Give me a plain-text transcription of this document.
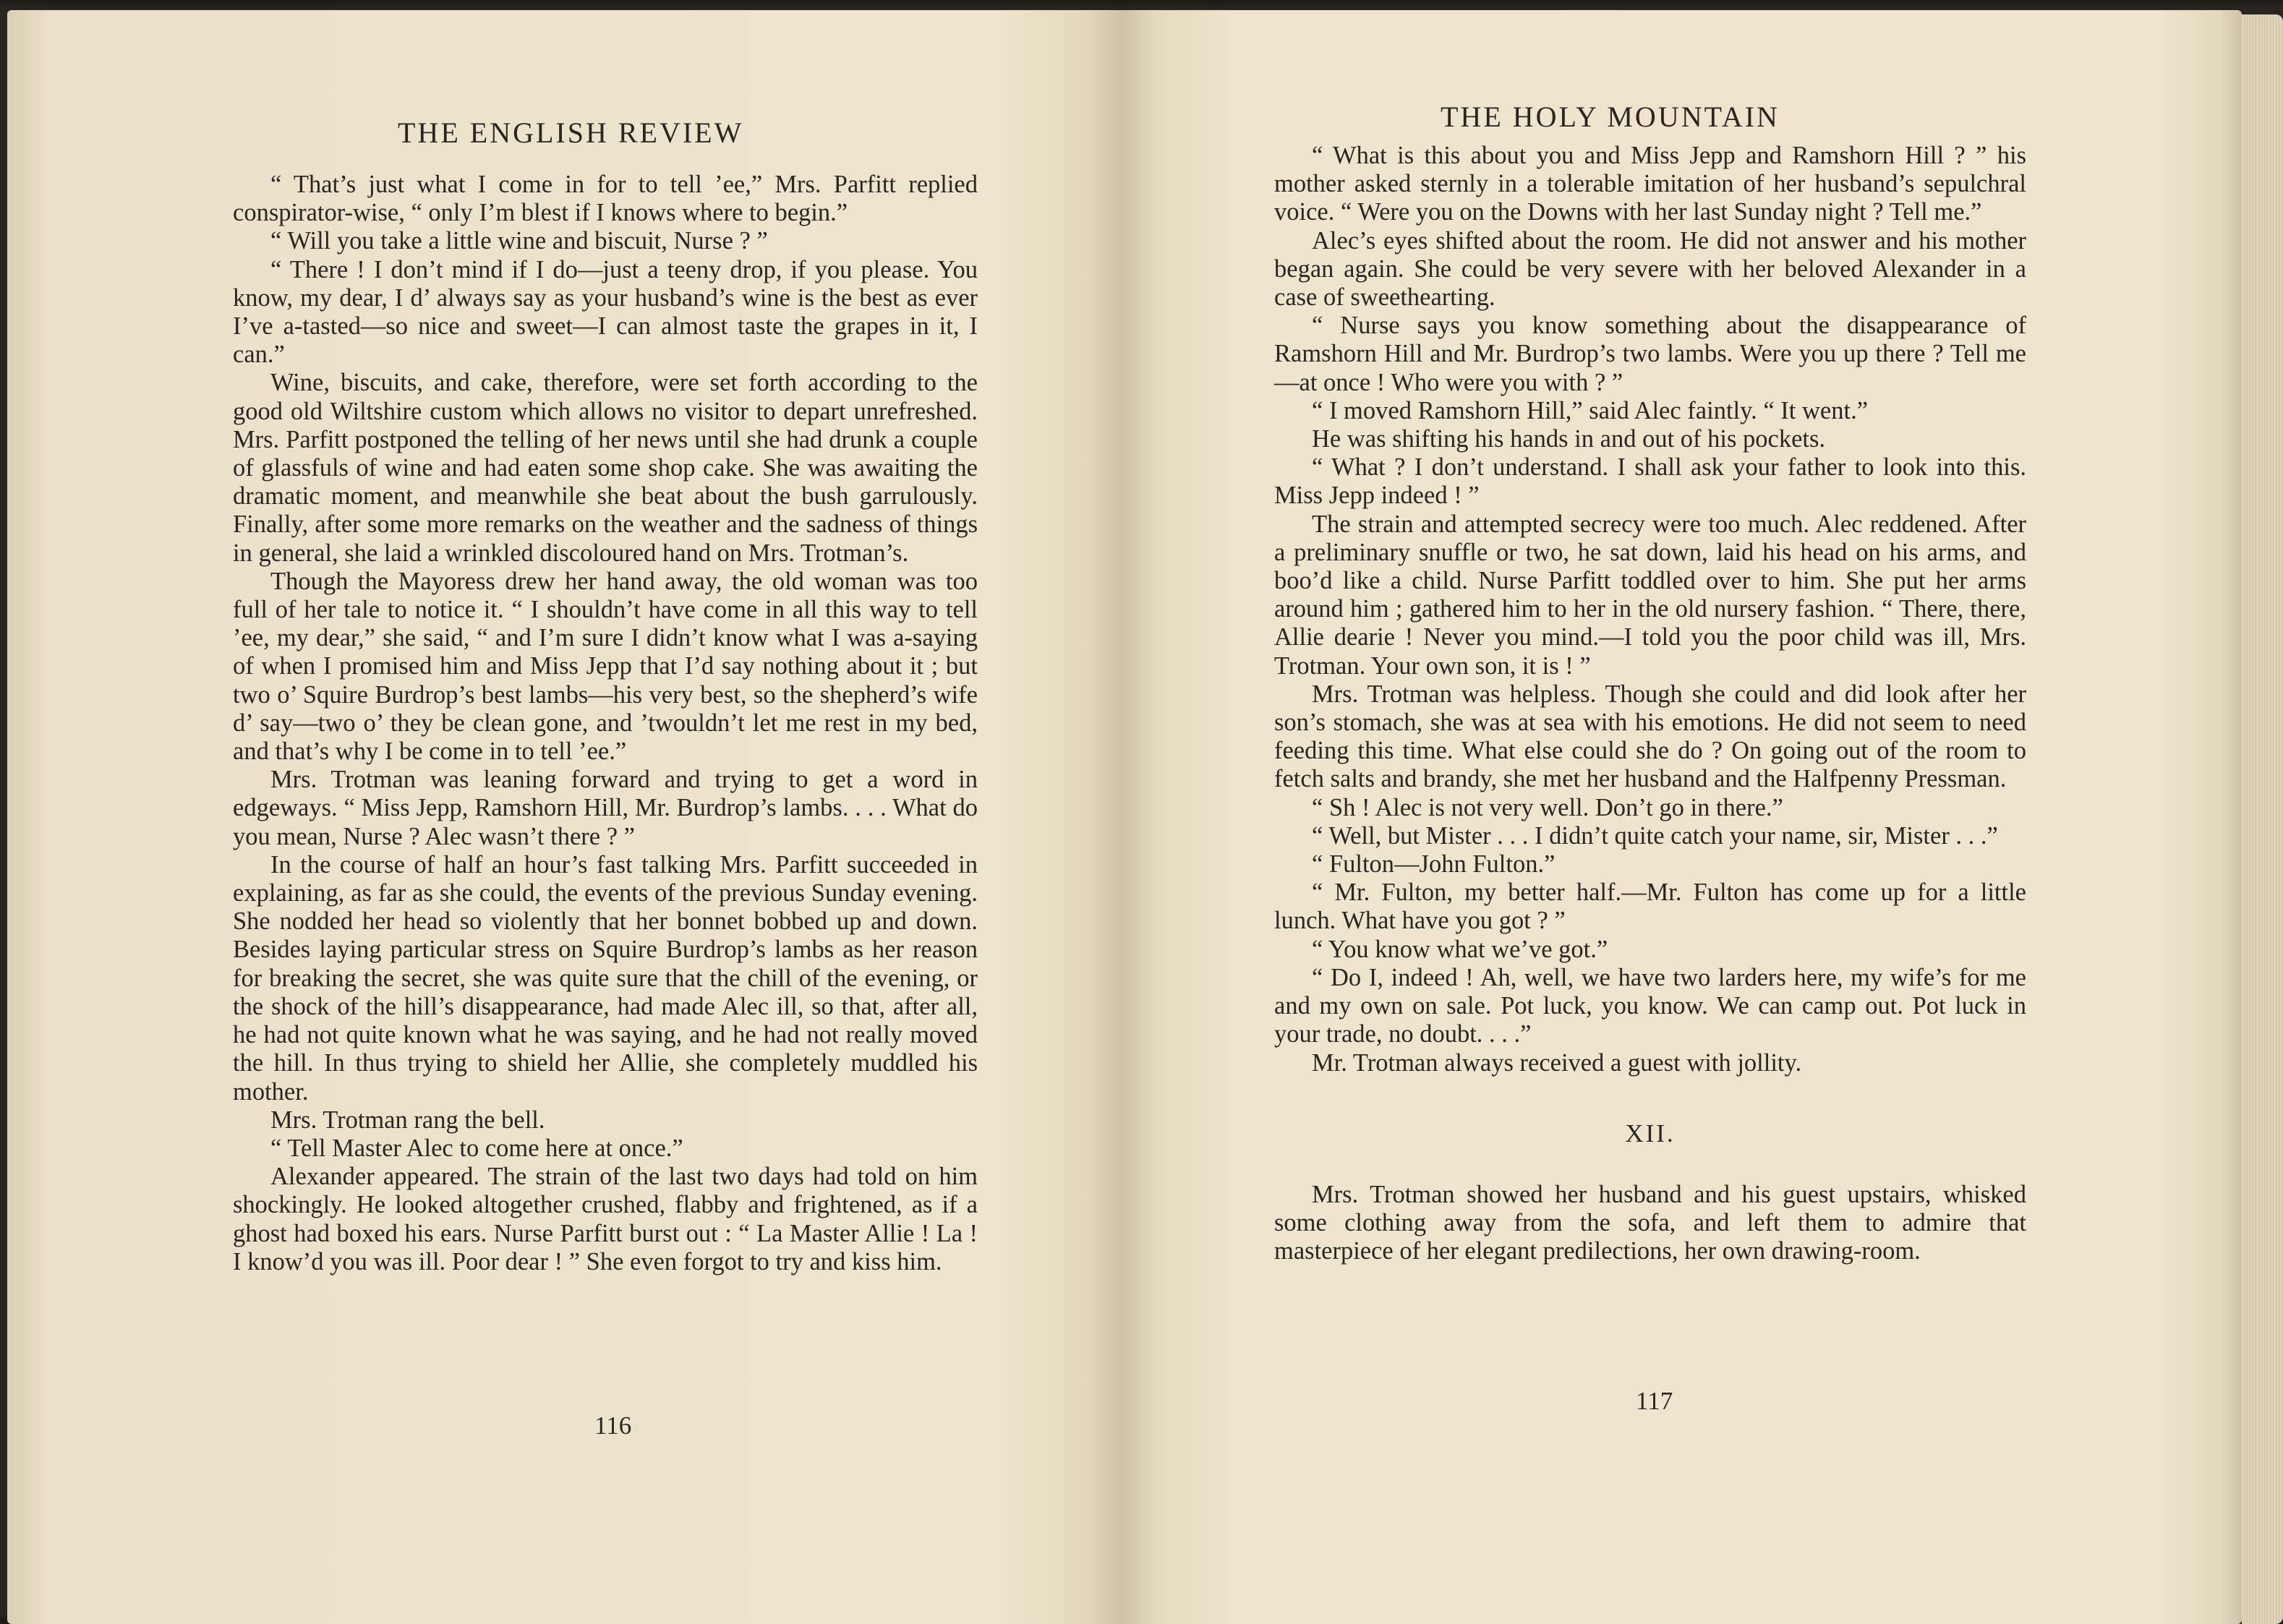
THE ENGLISH REVIEW

“ That’s just what I come in for to tell ’ee,” Mrs. Parfitt replied conspirator-wise, “ only I’m blest if I knows where to begin.”

“ Will you take a little wine and biscuit, Nurse ? ”

“ There ! I don’t mind if I do—just a teeny drop, if you please. You know, my dear, I d’ always say as your husband’s wine is the best as ever I’ve a-tasted—so nice and sweet—I can almost taste the grapes in it, I can.”

Wine, biscuits, and cake, therefore, were set forth according to the good old Wiltshire custom which allows no visitor to depart unrefreshed. Mrs. Parfitt postponed the telling of her news until she had drunk a couple of glassfuls of wine and had eaten some shop cake. She was awaiting the dramatic moment, and meanwhile she beat about the bush garrulously. Finally, after some more remarks on the weather and the sadness of things in general, she laid a wrinkled discoloured hand on Mrs. Trotman’s.

Though the Mayoress drew her hand away, the old woman was too full of her tale to notice it. “ I shouldn’t have come in all this way to tell ’ee, my dear,” she said, “ and I’m sure I didn’t know what I was a-saying of when I promised him and Miss Jepp that I’d say nothing about it ; but two o’ Squire Burdrop’s best lambs—his very best, so the shepherd’s wife d’ say—two o’ they be clean gone, and ’twouldn’t let me rest in my bed, and that’s why I be come in to tell ’ee.”

Mrs. Trotman was leaning forward and trying to get a word in edgeways. “ Miss Jepp, Ramshorn Hill, Mr. Burdrop’s lambs. . . . What do you mean, Nurse ? Alec wasn’t there ? ”

In the course of half an hour’s fast talking Mrs. Parfitt succeeded in explaining, as far as she could, the events of the previous Sunday evening. She nodded her head so violently that her bonnet bobbed up and down. Besides laying particular stress on Squire Burdrop’s lambs as her reason for breaking the secret, she was quite sure that the chill of the evening, or the shock of the hill’s disappearance, had made Alec ill, so that, after all, he had not quite known what he was saying, and he had not really moved the hill. In thus trying to shield her Allie, she completely muddled his mother.

Mrs. Trotman rang the bell.

“ Tell Master Alec to come here at once.”

Alexander appeared. The strain of the last two days had told on him shockingly. He looked altogether crushed, flabby and frightened, as if a ghost had boxed his ears. Nurse Parfitt burst out : “ La Master Allie ! La ! I know’d you was ill. Poor dear ! ” She even forgot to try and kiss him.

116
THE HOLY MOUNTAIN

“ What is this about you and Miss Jepp and Ramshorn Hill ? ” his mother asked sternly in a tolerable imitation of her husband’s sepulchral voice. “ Were you on the Downs with her last Sunday night ? Tell me.”

Alec’s eyes shifted about the room. He did not answer and his mother began again. She could be very severe with her beloved Alexander in a case of sweethearting.

“ Nurse says you know something about the disappearance of Ramshorn Hill and Mr. Burdrop’s two lambs. Were you up there ? Tell me—at once ! Who were you with ? ”

“ I moved Ramshorn Hill,” said Alec faintly. “ It went.”

He was shifting his hands in and out of his pockets.

“ What ? I don’t understand. I shall ask your father to look into this. Miss Jepp indeed ! ”

The strain and attempted secrecy were too much. Alec reddened. After a preliminary snuffle or two, he sat down, laid his head on his arms, and boo’d like a child. Nurse Parfitt toddled over to him. She put her arms around him ; gathered him to her in the old nursery fashion. “ There, there, Allie dearie ! Never you mind.—I told you the poor child was ill, Mrs. Trotman. Your own son, it is ! ”

Mrs. Trotman was helpless. Though she could and did look after her son’s stomach, she was at sea with his emotions. He did not seem to need feeding this time. What else could she do ? On going out of the room to fetch salts and brandy, she met her husband and the Halfpenny Pressman.

“ Sh ! Alec is not very well. Don’t go in there.”

“ Well, but Mister . . . I didn’t quite catch your name, sir, Mister . . .”

“ Fulton—John Fulton.”

“ Mr. Fulton, my better half.—Mr. Fulton has come up for a little lunch. What have you got ? ”

“ You know what we’ve got.”

“ Do I, indeed ! Ah, well, we have two larders here, my wife’s for me and my own on sale. Pot luck, you know. We can camp out. Pot luck in your trade, no doubt. . . .”

Mr. Trotman always received a guest with jollity.

XII.

Mrs. Trotman showed her husband and his guest upstairs, whisked some clothing away from the sofa, and left them to admire that masterpiece of her elegant predilections, her own drawing-room.

117
